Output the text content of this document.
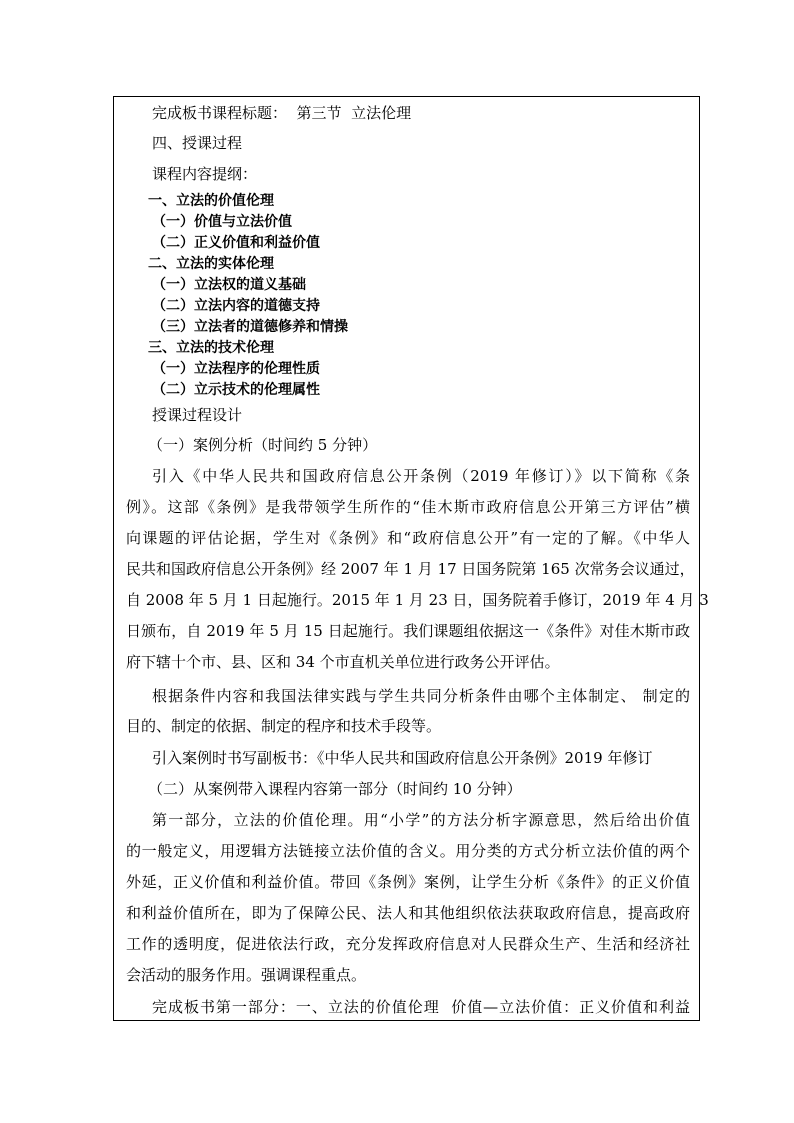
完成板书课程标题：  第三节  立法伦理
四、授课过程
课程内容提纲：
一、立法的价值伦理
（一）价值与立法价值
（二）正义价值和利益价值
二、立法的实体伦理
（一）立法权的道义基础
（二）立法内容的道德支持
（三）立法者的道德修养和情操
三、立法的技术伦理
（一）立法程序的伦理性质
（二）立示技术的伦理属性
授课过程设计
（一）案例分析（时间约 5 分钟）
引入《中华人民共和国政府信息公开条例（2019 年修订）》以下简称《条
例》。这部《条例》是我带领学生所作的“佳木斯市政府信息公开第三方评估”横
向课题的评估论据，学生对《条例》和“政府信息公开”有一定的了解。《中华人
民共和国政府信息公开条例》经 2007 年 1 月 17 日国务院第 165 次常务会议通过，
自 2008 年 5 月 1 日起施行。2015 年 1 月 23 日，国务院着手修订，2019 年 4 月 3
日颁布，自 2019 年 5 月 15 日起施行。我们课题组依据这一《条件》对佳木斯市政
府下辖十个市、县、区和 34 个市直机关单位进行政务公开评估。
根据条件内容和我国法律实践与学生共同分析条件由哪个主体制定、 制定的
目的、制定的依据、制定的程序和技术手段等。
引入案例时书写副板书：《中华人民共和国政府信息公开条例》2019 年修订
（二）从案例带入课程内容第一部分（时间约 10 分钟）
第一部分，立法的价值伦理。用“小学”的方法分析字源意思，然后给出价值
的一般定义，用逻辑方法链接立法价值的含义。用分类的方式分析立法价值的两个
外延，正义价值和利益价值。带回《条例》案例，让学生分析《条件》的正义价值
和利益价值所在，即为了保障公民、法人和其他组织依法获取政府信息，提高政府
工作的透明度，促进依法行政，充分发挥政府信息对人民群众生产、生活和经济社
会活动的服务作用。强调课程重点。
完成板书第一部分：一、立法的价值伦理  价值—立法价值：正义价值和利益
